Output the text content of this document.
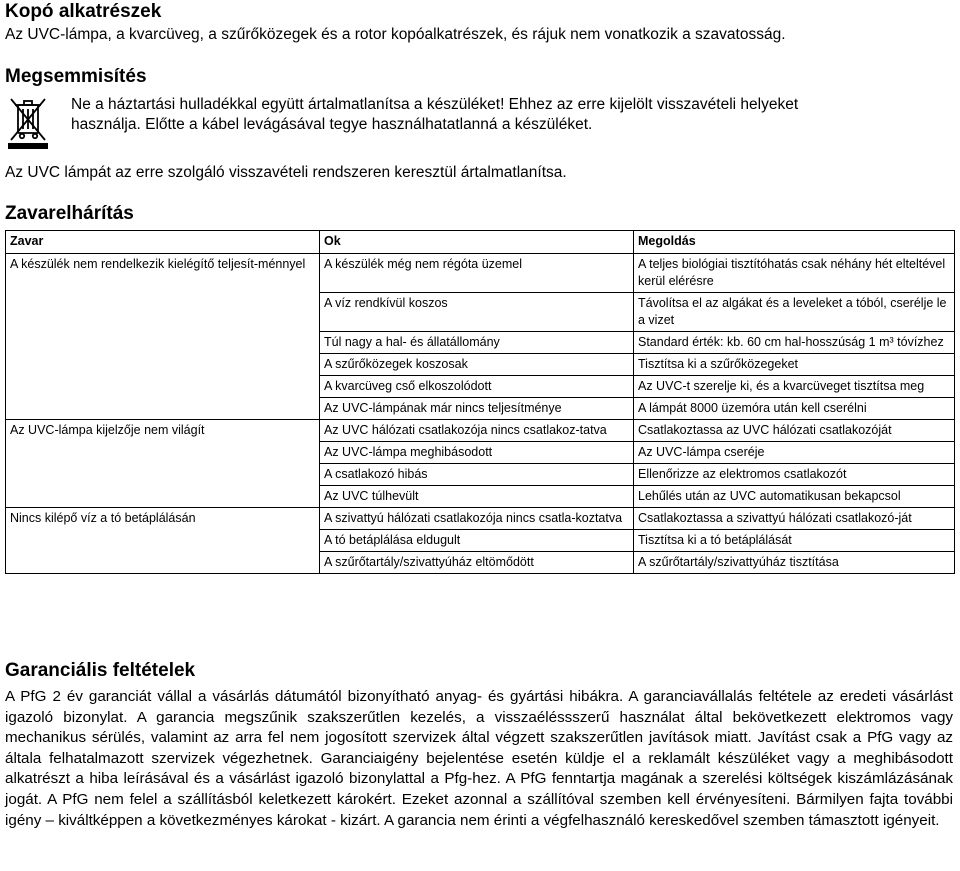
Kopó alkatrészek

Az UVC-lámpa, a kvarcüveg, a szűrőközegek és a rotor kopóalkatrészek, és rájuk nem vonatkozik a szavatosság.

Megsemmisítés

Ne a háztartási hulladékkal együtt ártalmatlanítsa a készüléket! Ehhez az erre kijelölt visszavételi helyeket

használja. Előtte a kábel levágásával tegye használhatatlanná a készüléket.

Az UVC lámpát az erre szolgáló visszavételi rendszeren keresztül ártalmatlanítsa.

Zavarelhárítás
Zavar	Ok	Megoldás
A készülék nem rendelkezik kielégítő teljesít-ménnyel	A készülék még nem régóta üzemel	A teljes biológiai tisztítóhatás csak néhány hét elteltével kerül elérésre
	A víz rendkívül koszos	Távolítsa el az algákat és a leveleket a tóból, cserélje le a vizet
	Túl nagy a hal- és állatállomány	Standard érték: kb. 60 cm hal-hosszúság 1 m³ tóvízhez
	A szűrőközegek koszosak	Tisztítsa ki a szűrőközegeket
	A kvarcüveg cső elkoszolódott	Az UVC-t szerelje ki, és a kvarcüveget tisztítsa meg
	Az UVC-lámpának már nincs teljesítménye	A lámpát 8000 üzemóra után kell cserélni
Az UVC-lámpa kijelzője nem világít	Az UVC hálózati csatlakozója nincs csatlakoz-tatva	Csatlakoztassa az UVC hálózati csatlakozóját
	Az UVC-lámpa meghibásodott	Az UVC-lámpa cseréje
	A csatlakozó hibás	Ellenőrizze az elektromos csatlakozót
	Az UVC túlhevült	Lehűlés után az UVC automatikusan bekapcsol
Nincs kilépő víz a tó betáplálásán	A szivattyú hálózati csatlakozója nincs csatla-koztatva	Csatlakoztassa a szivattyú hálózati csatlakozó-ját
	A tó betáplálása eldugult	Tisztítsa ki a tó betáplálását
	A szűrőtartály/szivattyúház eltömődött	A szűrőtartály/szivattyúház tisztítása
Garanciális feltételek

A PfG 2 év garanciát vállal a vásárlás dátumától bizonyítható anyag- és gyártási hibákra. A garanciavállalás feltétele az eredeti vásárlást igazoló bizonylat. A garancia megszűnik szakszerűtlen kezelés, a visszaéléssszerű használat által bekövetkezett elektromos vagy mechanikus sérülés, valamint az arra fel nem jogosított szervizek által végzett szakszerűtlen javítások miatt. Javítást csak a PfG vagy az általa felhatalmazott szervizek végezhetnek. Garanciaigény bejelentése esetén küldje el a reklamált készüléket vagy a meghibásodott alkatrészt a hiba leírásával és a vásárlást igazoló bizonylattal a Pfg-hez. A PfG fenntartja magának a szerelési költségek kiszámlázásának jogát. A PfG nem felel a szállításból keletkezett károkért. Ezeket azonnal a szállítóval szemben kell érvényesíteni. Bármilyen fajta további igény – kiváltképpen a következményes károkat - kizárt. A garancia nem érinti a végfelhasználó kereskedővel szemben támasztott igényeit.
